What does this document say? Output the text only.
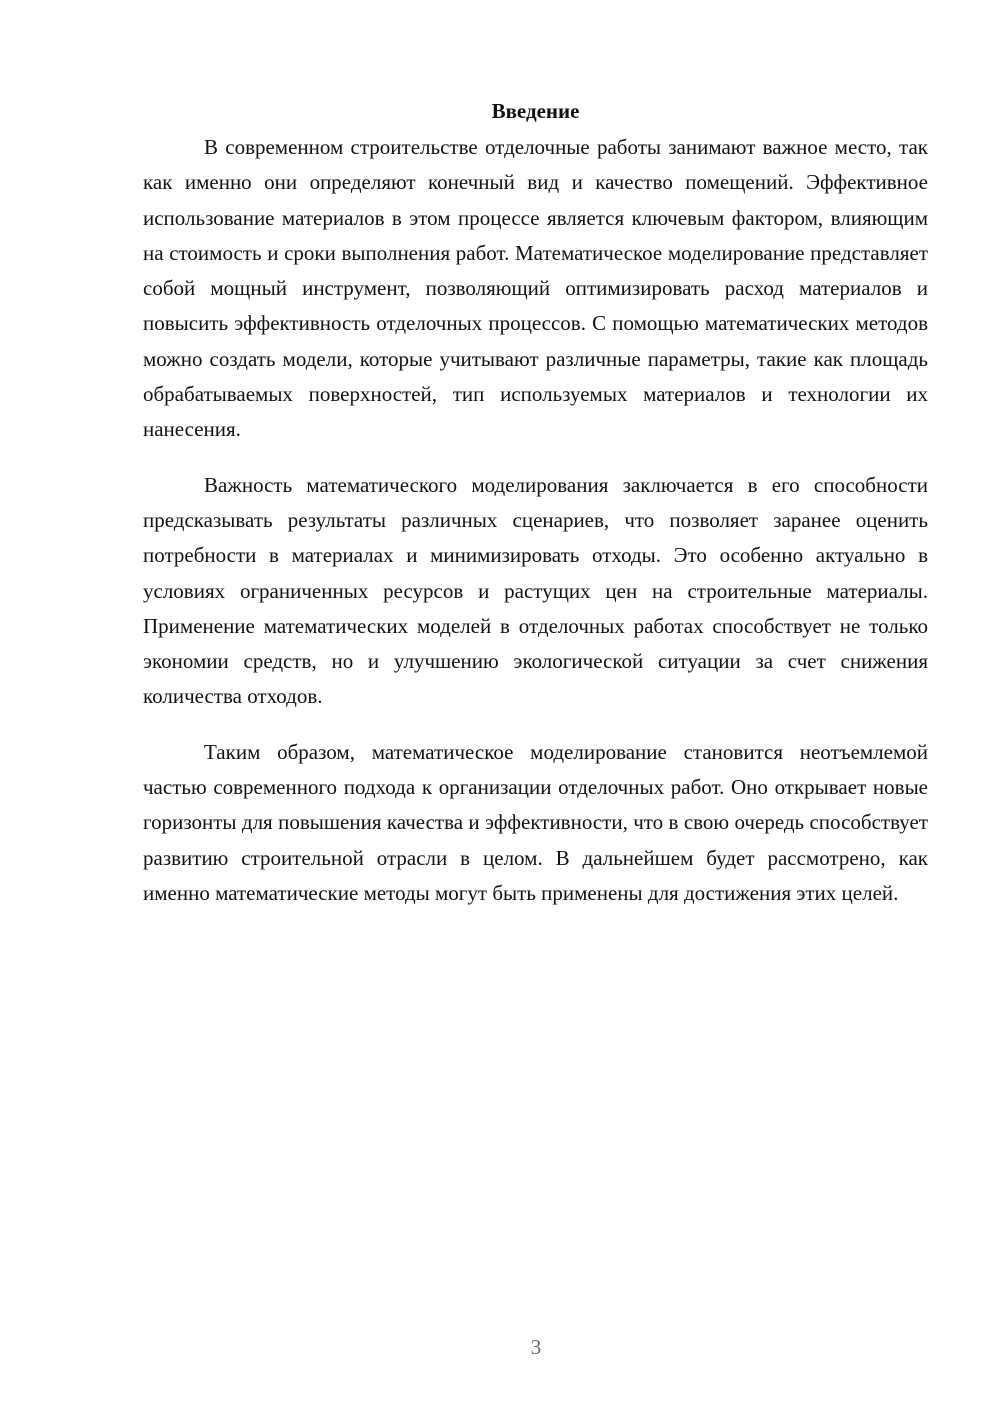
Введение

В современном строительстве отделочные работы занимают важное место, так как именно они определяют конечный вид и качество помещений. Эффективное использование материалов в этом процессе является ключевым фактором, влияющим на стоимость и сроки выполнения работ. Математическое моделирование представляет собой мощный инструмент, позволяющий оптимизировать расход материалов и повысить эффективность отделочных процессов. С помощью математических методов можно создать модели, которые учитывают различные параметры, такие как площадь обрабатываемых поверхностей, тип используемых материалов и технологии их нанесения.

Важность математического моделирования заключается в его способности предсказывать результаты различных сценариев, что позволяет заранее оценить потребности в материалах и минимизировать отходы. Это особенно актуально в условиях ограниченных ресурсов и растущих цен на строительные материалы. Применение математических моделей в отделочных работах способствует не только экономии средств, но и улучшению экологической ситуации за счет снижения количества отходов.

Таким образом, математическое моделирование становится неотъемлемой частью современного подхода к организации отделочных работ. Оно открывает новые горизонты для повышения качества и эффективности, что в свою очередь способствует развитию строительной отрасли в целом. В дальнейшем будет рассмотрено, как именно математические методы могут быть применены для достижения этих целей.

3
